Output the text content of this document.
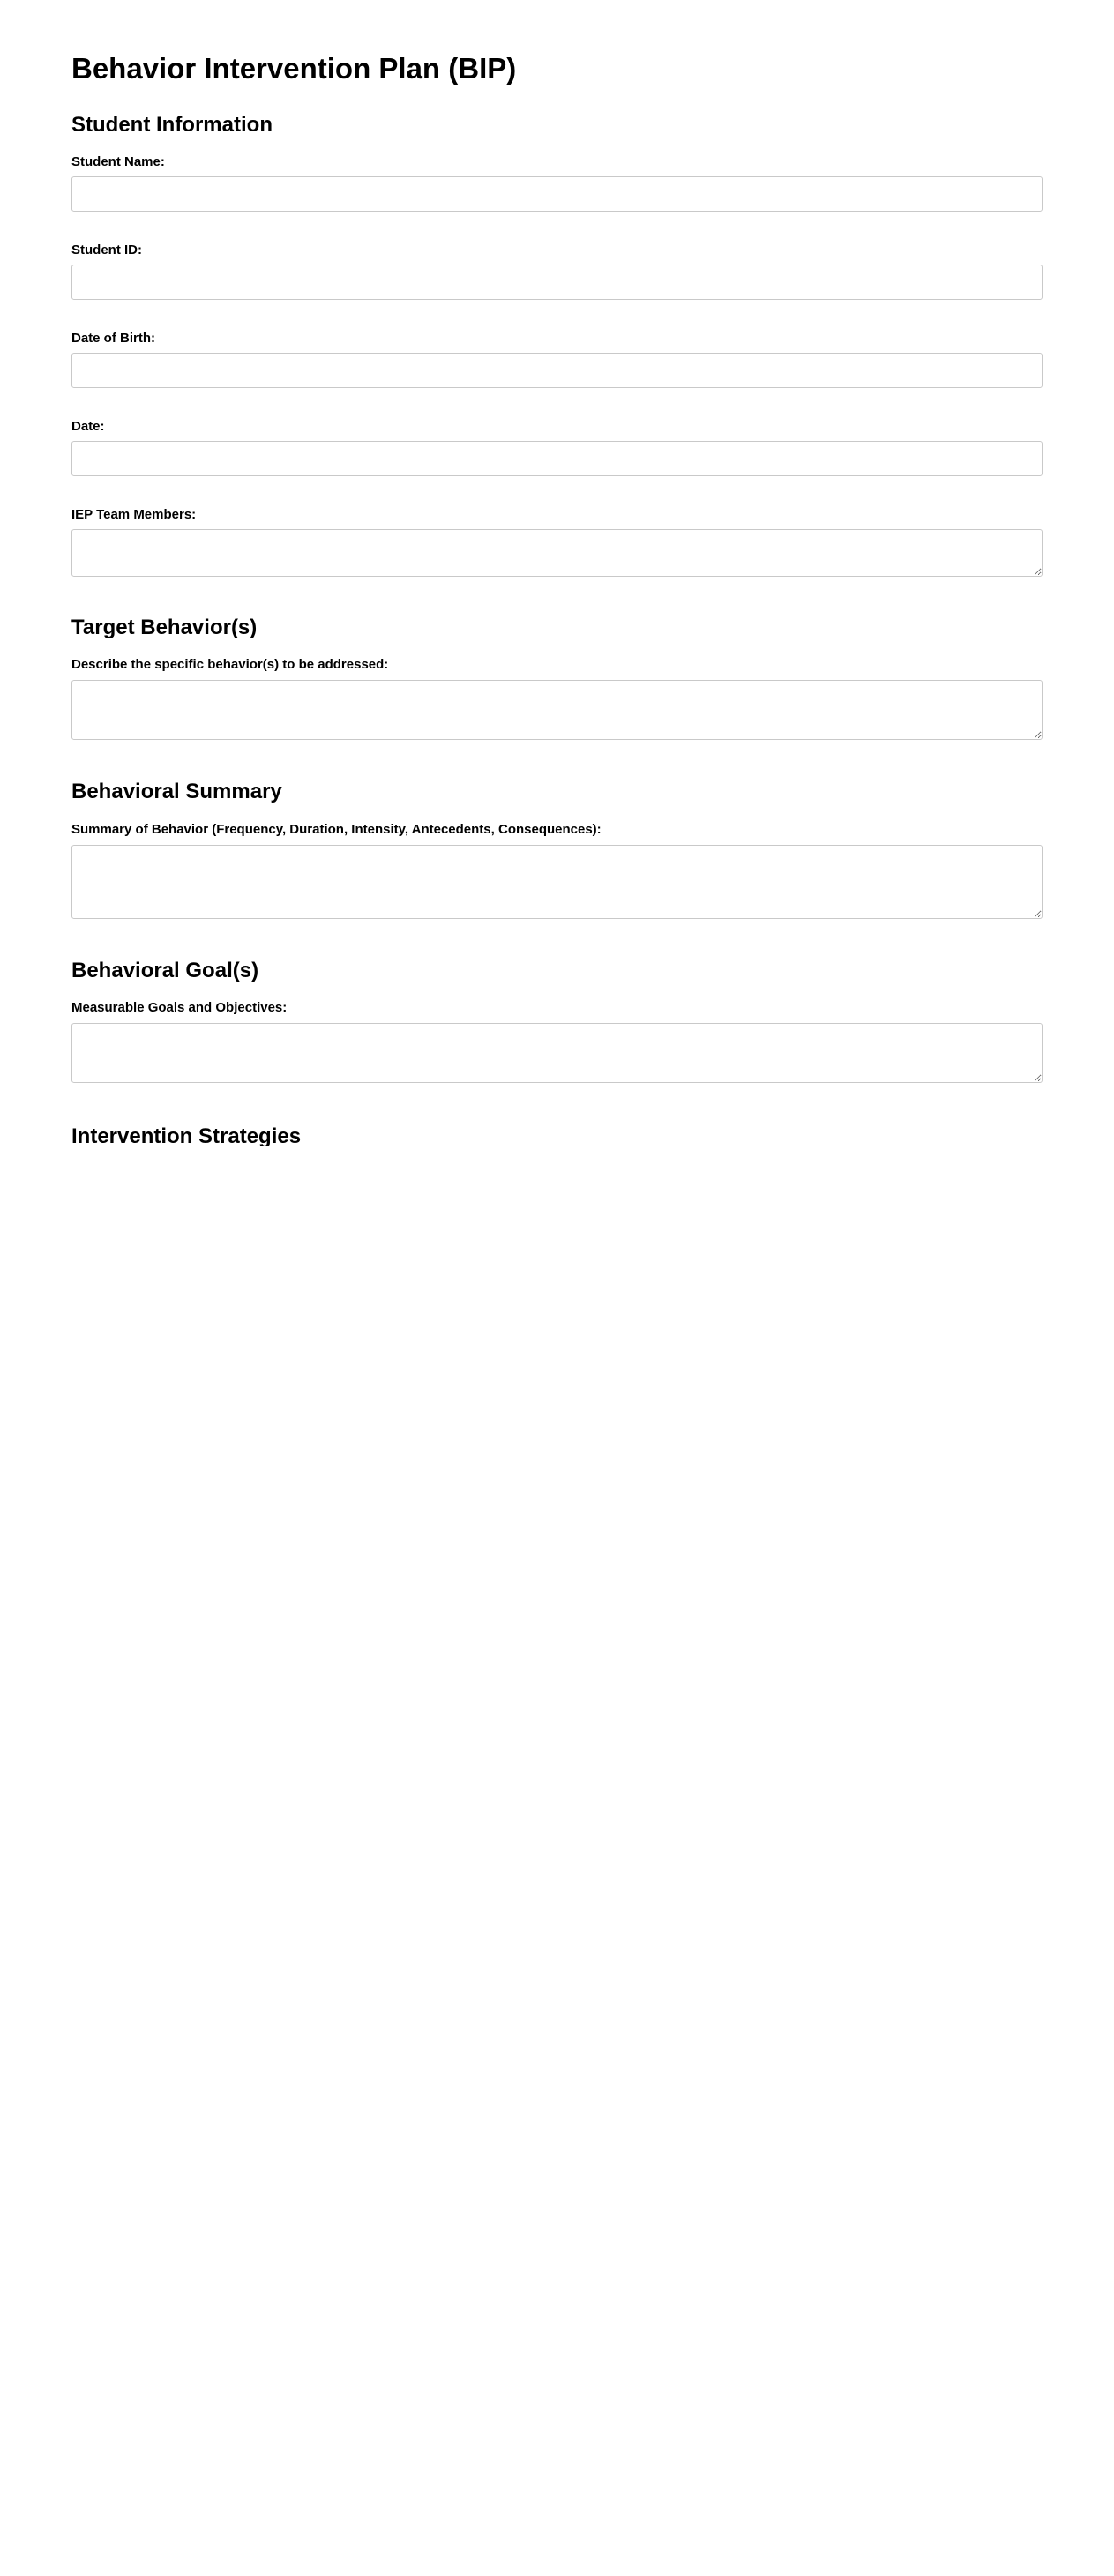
Behavior Intervention Plan (BIP)
Student Information
Student Name:
Student ID:
Date of Birth:
Date:
IEP Team Members:
Target Behavior(s)
Describe the specific behavior(s) to be addressed:
Behavioral Summary
Summary of Behavior (Frequency, Duration, Intensity, Antecedents, Consequences):
Behavioral Goal(s)
Measurable Goals and Objectives:
Intervention Strategies
